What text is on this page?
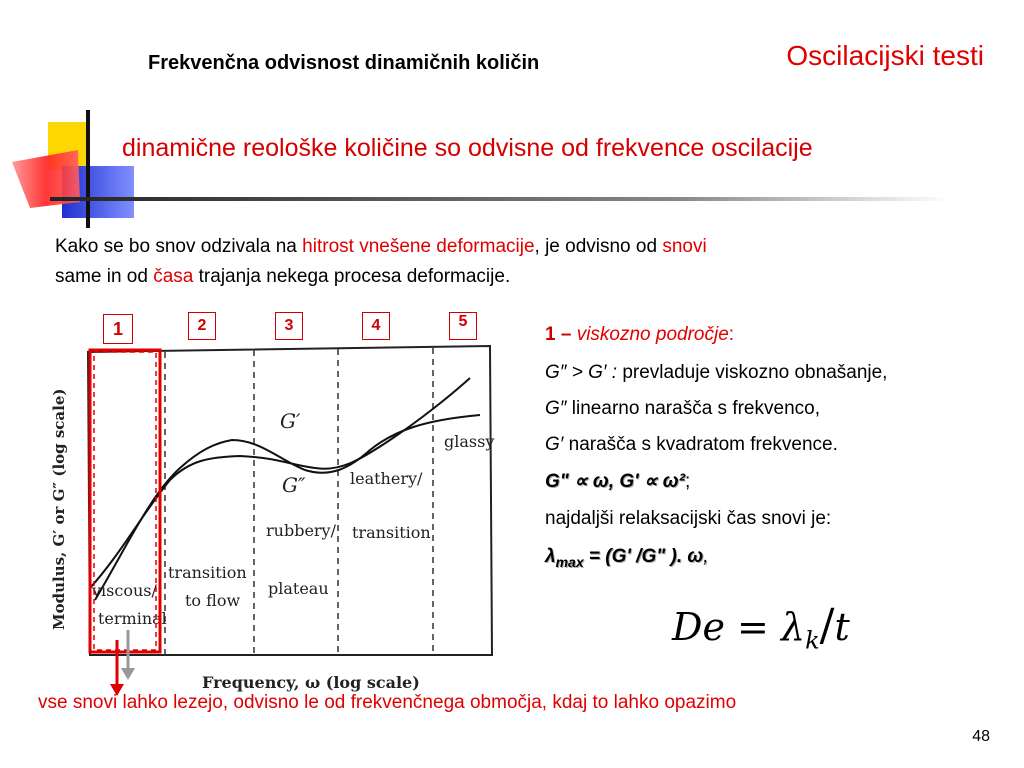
Frekvenčna odvisnost dinamičnih količin	Oscilacijski testi
dinamične reološke količine so odvisne od frekvence oscilacije
Kako se bo snov odzivala na hitrost vnešene deformacije, je odvisno od snovi
same in od časa trajanja nekega procesa deformacije.
1	2	3	4	5
Modulus, G′ or G″ (log scale)
Frequency, ω (log scale)
G′
G″
viscous/
terminal
transition
to flow
rubbery/
plateau
leathery/
transition
glassy
1 – viskozno področje:
G″ > G′ : prevladuje viskozno obnašanje,
G″ linearno narašča s frekvenco,
G′ narašča s kvadratom frekvence.
G" ∝ ω, G' ∝ ω²;
najdaljši relaksacijski čas snovi je:
$\lambda_{max} = (G'$ /G" ). ω,
$De = \lambda_k/t$
vse snovi lahko lezejo, odvisno le od frekvenčnega območja, kdaj to lahko opazimo
48
